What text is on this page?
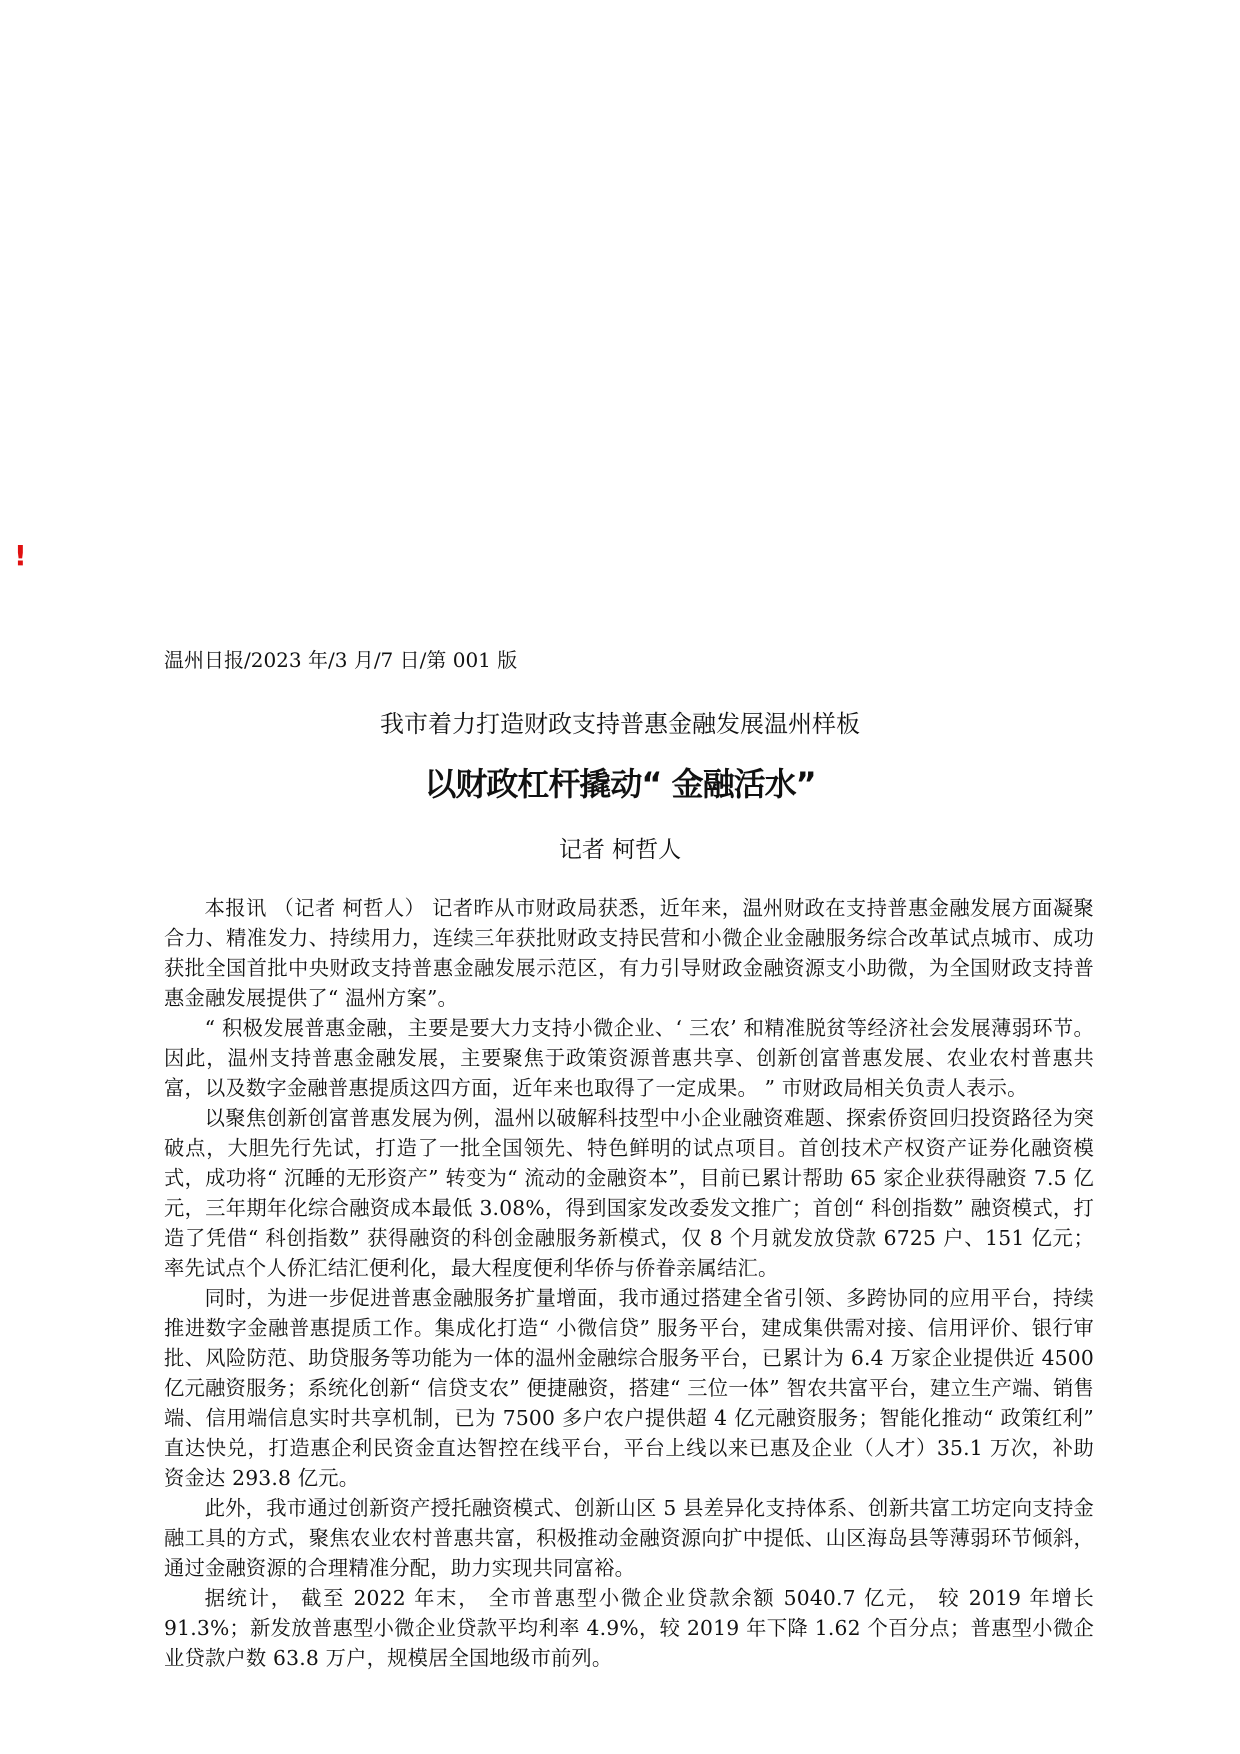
!
温州日报/2023 年/3 月/7 日/第 001 版
我市着力打造财政支持普惠金融发展温州样板
以财政杠杆撬动“ 金融活水”
记者 柯哲人

本报讯 （记者 柯哲人） 记者昨从市财政局获悉，近年来，温州财政在支持普惠金融发展方面凝聚合力、精准发力、持续用力，连续三年获批财政支持民营和小微企业金融服务综合改革试点城市、成功获批全国首批中央财政支持普惠金融发展示范区，有力引导财政金融资源支小助微，为全国财政支持普惠金融发展提供了“ 温州方案”。

“ 积极发展普惠金融，主要是要大力支持小微企业、‘ 三农’ 和精准脱贫等经济社会发展薄弱环节。因此，温州支持普惠金融发展，主要聚焦于政策资源普惠共享、创新创富普惠发展、农业农村普惠共富，以及数字金融普惠提质这四方面，近年来也取得了一定成果。 ” 市财政局相关负责人表示。

以聚焦创新创富普惠发展为例，温州以破解科技型中小企业融资难题、探索侨资回归投资路径为突破点，大胆先行先试，打造了一批全国领先、特色鲜明的试点项目。首创技术产权资产证券化融资模式，成功将“ 沉睡的无形资产” 转变为“ 流动的金融资本”，目前已累计帮助 65 家企业获得融资 7.5 亿元，三年期年化综合融资成本最低 3.08%，得到国家发改委发文推广；首创“ 科创指数” 融资模式，打造了凭借“ 科创指数” 获得融资的科创金融服务新模式，仅 8 个月就发放贷款 6725 户、151 亿元；率先试点个人侨汇结汇便利化，最大程度便利华侨与侨眷亲属结汇。

同时，为进一步促进普惠金融服务扩量增面，我市通过搭建全省引领、多跨协同的应用平台，持续推进数字金融普惠提质工作。集成化打造“ 小微信贷” 服务平台，建成集供需对接、信用评价、银行审批、风险防范、助贷服务等功能为一体的温州金融综合服务平台，已累计为 6.4 万家企业提供近 4500 亿元融资服务；系统化创新“ 信贷支农” 便捷融资，搭建“ 三位一体” 智农共富平台，建立生产端、销售端、信用端信息实时共享机制，已为 7500 多户农户提供超 4 亿元融资服务；智能化推动“ 政策红利” 直达快兑，打造惠企利民资金直达智控在线平台，平台上线以来已惠及企业（人才）35.1 万次，补助资金达 293.8 亿元。

此外，我市通过创新资产授托融资模式、创新山区 5 县差异化支持体系、创新共富工坊定向支持金融工具的方式，聚焦农业农村普惠共富，积极推动金融资源向扩中提低、山区海岛县等薄弱环节倾斜，通过金融资源的合理精准分配，助力实现共同富裕。

据统计， 截至 2022 年末， 全市普惠型小微企业贷款余额 5040.7 亿元， 较 2019 年增长 91.3%；新发放普惠型小微企业贷款平均利率 4.9%，较 2019 年下降 1.62 个百分点；普惠型小微企业贷款户数 63.8 万户，规模居全国地级市前列。
